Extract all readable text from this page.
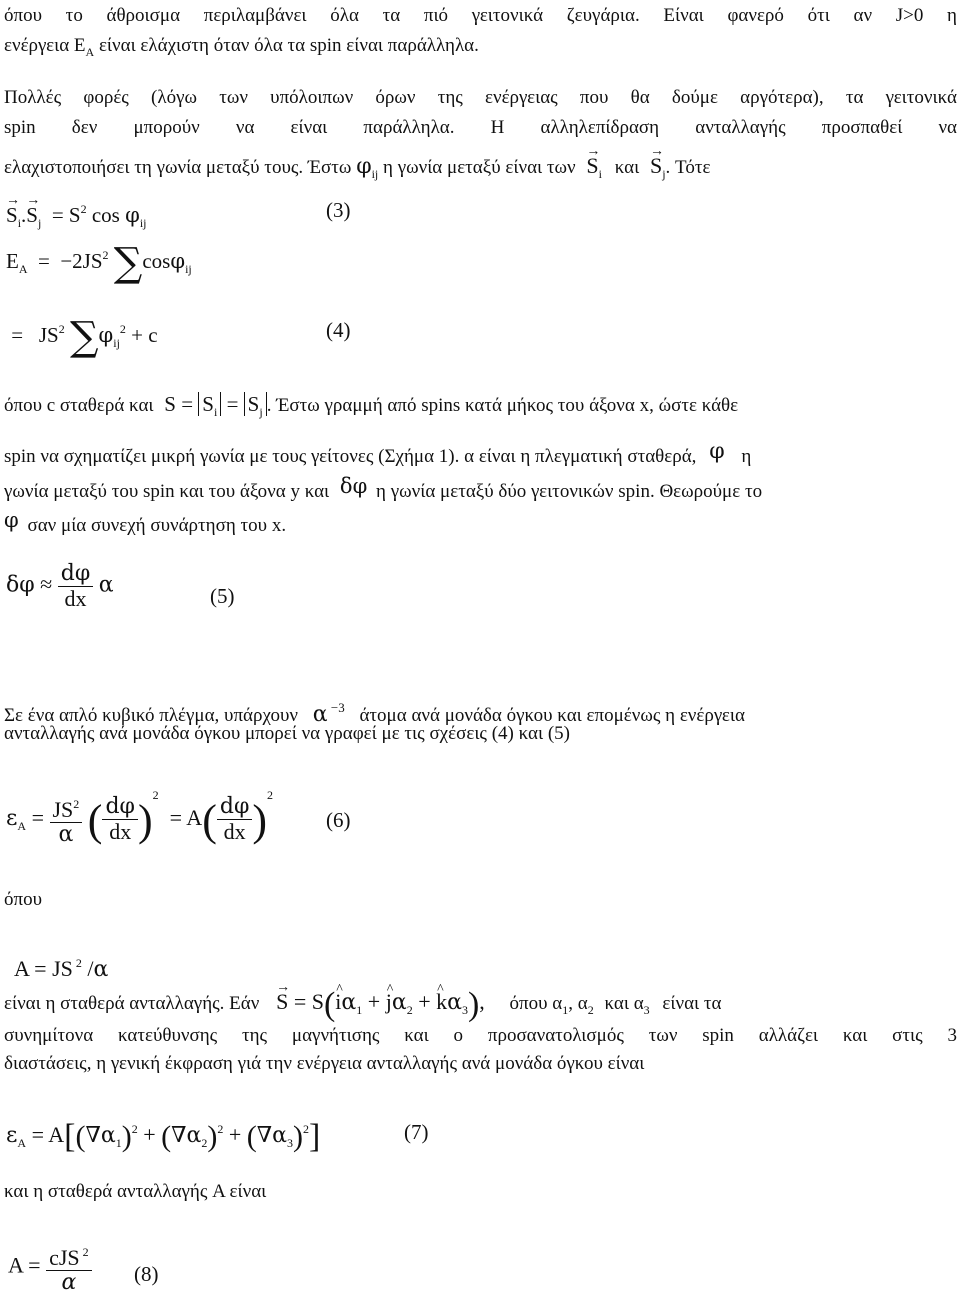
όπου το άθροισμα περιλαμβάνει όλα τα πιό γειτονικά ζευγάρια. Είναι φανερό ότι αν J>0 η
ενέργεια $E_A$ είναι ελάχιστη όταν όλα τα spin είναι παράλληλα.
Πολλές φορές (λόγω των υπόλοιπων όρων της ενέργειας που θα δούμε αργότερα), τα γειτονικά
spin δεν μπορούν να είναι παράλληλα. Η αλληλεπίδραση ανταλλαγής προσπαθεί να
ελαχιστοποιήσει τη γωνία μεταξύ τους. Έστω $\varphi_{ij}$ η γωνία μεταξύ είναι $\tau\omega\nu \to S_i$ $\kappa\alpha\iota \to S_j$. Τότε
→ $S_i.\to S_j = S^2$ $\cos \varphi_{ij}$
(3)
$E_A = -2JS^2$ ∑cosφ$_{ij}$
=   $JS^2$ $\sum\varphi_{ij}^2 + c$	(4)
όπου c σταθερά και $S = S_i = S_j$ . Έστω γραμμή από spins κατά μήκος του άξονα x, ώστε κάθε
spin να σχηματίζει μικρή γωνία με τους γείτονες (Σχήμα 1). α είναι η πλεγματική σταθερά, φ η
γωνία μεταξύ του spin και του άξονα y και δφ η γωνία μεταξύ δύο γειτονικών spin. Θεωρούμε το
φ σαν μία συνεχή συνάρτηση του x.
$\delta\varphi \approx \frac{d\varphi}{dx}$ α	(5)
Σε ένα απλό κυβικό πλέγμα, υπάρχουν α $^{-3}$ άτομα ανά μονάδα όγκου και επομένως η ενέργεια
ανταλλαγής ανά μονάδα όγκου μπορεί να γραφεί με τις σχέσεις (4) και (5)
$\varepsilon_A = \frac{JS^2}{\alpha}$ ( $\frac{d\varphi}{dx} )^2 = A( \frac{d\varphi}{dx} )^2$
(6)
όπου
A = JS $^2$ /α
είναι η σταθερά ανταλλαγής. Εάν → S = S(^ $i\alpha_1$ + ^ $j\alpha_2$ + ^ $k\alpha_3$), όπου $\alpha_1$, $\alpha_2$ και $\alpha_3$ είναι τα
συνημίτονα κατεύθυνσης της μαγνήτισης και ο προσανατολισμός των spin αλλάζει και στις 3
διαστάσεις, η γενική έκφραση γιά την ενέργεια ανταλλαγής ανά μονάδα όγκου είναι
$\varepsilon_A = A[(\nabla\alpha_1)^2 + (\nabla\alpha_2)^2 + (\nabla\alpha_3)^2]$	(7)
και η σταθερά ανταλλαγής A είναι
$A = \frac{cJS ^2}{\alpha} (8)$
